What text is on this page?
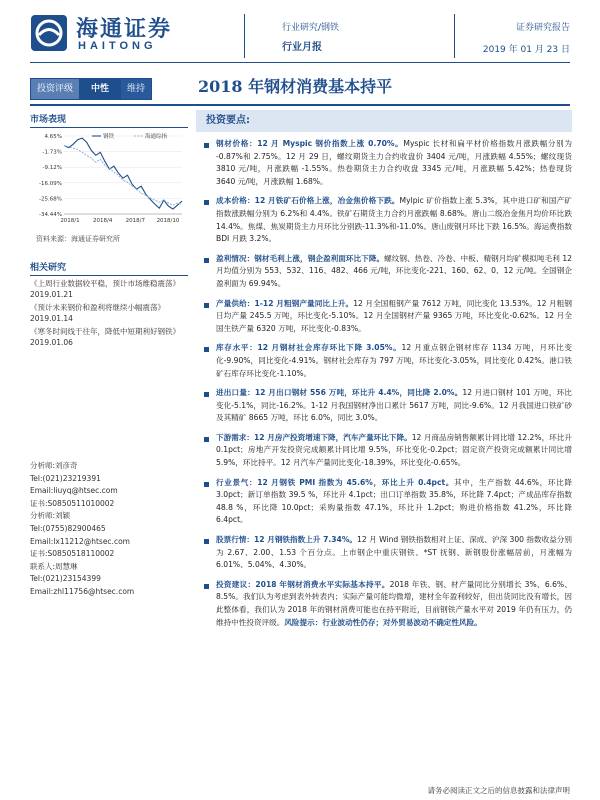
海通证券
HAITONG
行业研究/钢铁
行业月报
证券研究报告
2019 年 01 月 23 日
投资评级	中性	维持	2018 年钢材消费基本持平
市场表现
4.65%
-1.73%
-9.12%
-16.09%
-25.68%
-34.44%
2018/1 2018/4 2018/7 2018/10
钢铁	海通综指
资料来源：海通证券研究所
相关研究
《上周行业数据较平稳，预计市场维稳震荡》
2019.01.21
《预计未来钢价和盈利将继续小幅震荡》
2019.01.14
《寒冬时间线于往年，降低中短期利好钢铁》
2019.01.06
分析师:刘彦奇
Tel:(021)23219391
Email:liuyq@htsec.com
证书:S0850511010002
分析师:刘颖
Tel:(0755)82900465
Email:lx11212@htsec.com
证书:S0850518110002
联系人:周慧琳
Tel:(021)23154399
Email:zhl11756@htsec.com
投资要点:
钢材价格：12 月 Myspic 钢价指数上涨 0.70%。Myspic 长材和扁平材价格指数月涨跌幅分别为 -0.87%和 2.75%。12 月 29 日，螺纹期货主力合约收盘价 3404 元/吨，月涨跌幅 4.55%；螺纹现货 3810 元/吨，月涨跌幅 -1.55%。热卷期货主力合约收盘 3345 元/吨，月涨跌幅 5.42%；热卷现货 3640 元/吨，月涨跌幅 1.68%。
成本价格：12 月铁矿石价格上涨，冶金焦价格下跌。Mylpic 矿价指数上涨 5.3%，其中进口矿和国产矿指数涨跌幅分别为 6.2%和 4.4%。铁矿石期货主力合约月涨跌幅 8.68%。唐山二级冶金焦月均价环比跌 14.4%。焦煤、焦炭期货主力月环比分别跌-11.3%和-11.0%。唐山废钢月环比下跌 16.5%。海运费指数 BDI 月跌 3.2%。
盈利情况：钢材毛利上涨，钢企盈利面环比下降。螺纹钢、热卷、冷卷、中板、精钢月均矿模拟吨毛利 12 月均值分别为 553、532、116、482、466 元/吨，环比变化-221、160、62、0、12 元/吨。全国钢企盈利面为 69.94%。
产量供给：1-12 月粗钢产量同比上升。12 月全国粗钢产量 7612 万吨，同比变化 13.53%。12 月粗钢日均产量 245.5 万吨，环比变化-5.10%。12 月全国钢材产量 9365 万吨，环比变化-0.62%。12 月全国生铁产量 6320 万吨，环比变化-0.83%。
库存水平：12 月钢材社会库存环比下降 3.05%。12 月重点钢企钢材库存 1134 万吨，月环比变化-9.90%，同比变化-4.91%。钢材社会库存为 797 万吨，环比变化-3.05%，同比变化 0.42%。港口铁矿石库存环比变化-1.10%。
进出口量：12 月出口钢材 556 万吨，环比升 4.4%，同比降 2.0%。12 月进口钢材 101 万吨，环比变化-5.1%，同比-16.2%。1-12 月我国钢材净出口累计 5617 万吨，同比-9.6%。12 月我国进口铁矿砂及其精矿 8665 万吨，环比 6.0%，同比 3.0%。
下游需求：12 月房产投资增速下降，汽车产量环比下降。12 月商品房销售额累计同比增 12.2%，环比升 0.1pct；房地产开发投资完成额累计同比增 9.5%，环比变化-0.2pct；固定资产投资完成额累计同比增 5.9%，环比持平。12 月汽车产量同比变化-18.39%，环比变化-0.65%。
行业景气：12 月钢铁 PMI 指数为 45.6%，环比上升 0.4pct。其中，生产指数 44.6%，环比降 3.0pct；新订单指数 39.5 %，环比升 4.1pct；出口订单指数 35.8%，环比降 7.4pct；产成品库存指数 48.8 %，环比降 10.0pct；采购量指数 47.1%，环比升 1.2pct；购进价格指数 41.2%，环比降 6.4pct。
股票行情：12 月钢铁指数上升 7.34%。12 月 Wind 钢铁指数相对上证、深成、沪深 300 指数收益分别为 2.67、2.00、1.53 个百分点。上市钢企中重庆钢铁、*ST 抚钢、新钢股份涨幅居前，月涨幅为 6.01%、5.04%、4.30%。
投资建议：2018 年钢材消费水平实际基本持平。2018 年铁、钢、材产量同比分别增长 3%、6.6%、8.5%。我们认为考虑到表外转表内；实际产量可能均微增，建材全年盈利较好，但出货同比没有增长，因此整体看，我们认为 2018 年的钢材消费可能也在持平附近，目前钢铁产量水平对 2019 年仍有压力，仍维持中性投资评级。风险提示：行业波动性仍存；对外贸易波动不确定性风险。
请务必阅读正文之后的信息披露和法律声明
